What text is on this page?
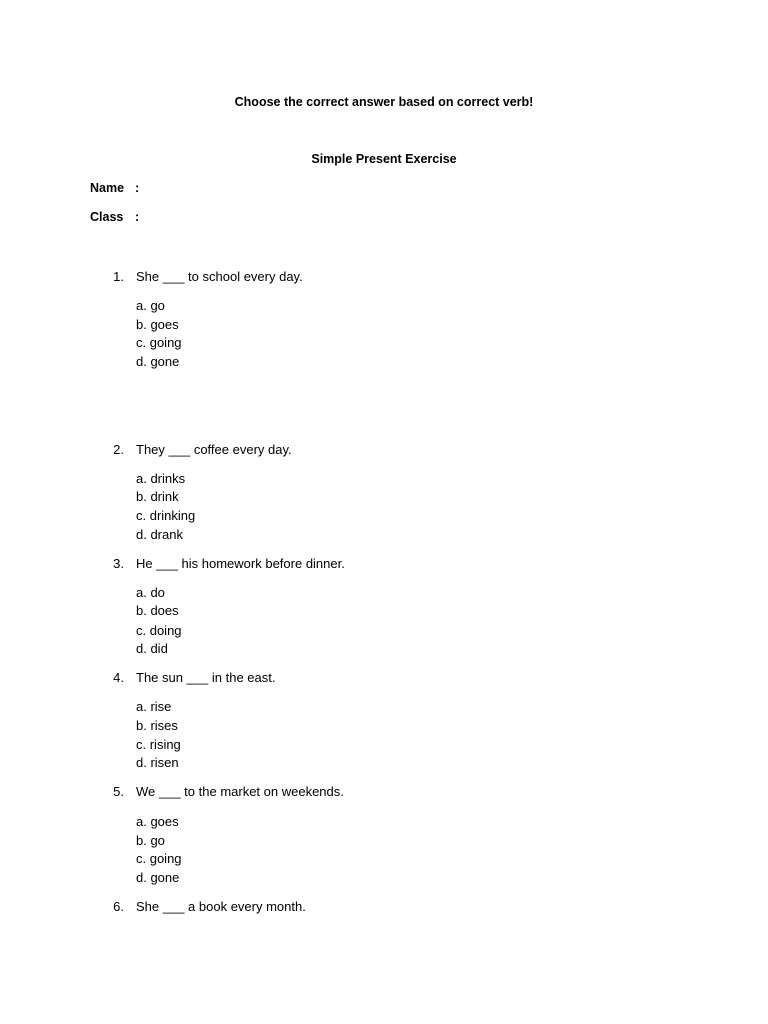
Choose the correct answer based on correct verb!
Simple Present Exercise
Name :
Class :
1. She ___ to school every day.
a. go
b. goes
c. going
d. gone
2. They ___ coffee every day.
a. drinks
b. drink
c. drinking
d. drank
3. He ___ his homework before dinner.
a. do
b. does
c. doing
d. did
4. The sun ___ in the east.
a. rise
b. rises
c. rising
d. risen
5. We ___ to the market on weekends.
a. goes
b. go
c. going
d. gone
6. She ___ a book every month.
